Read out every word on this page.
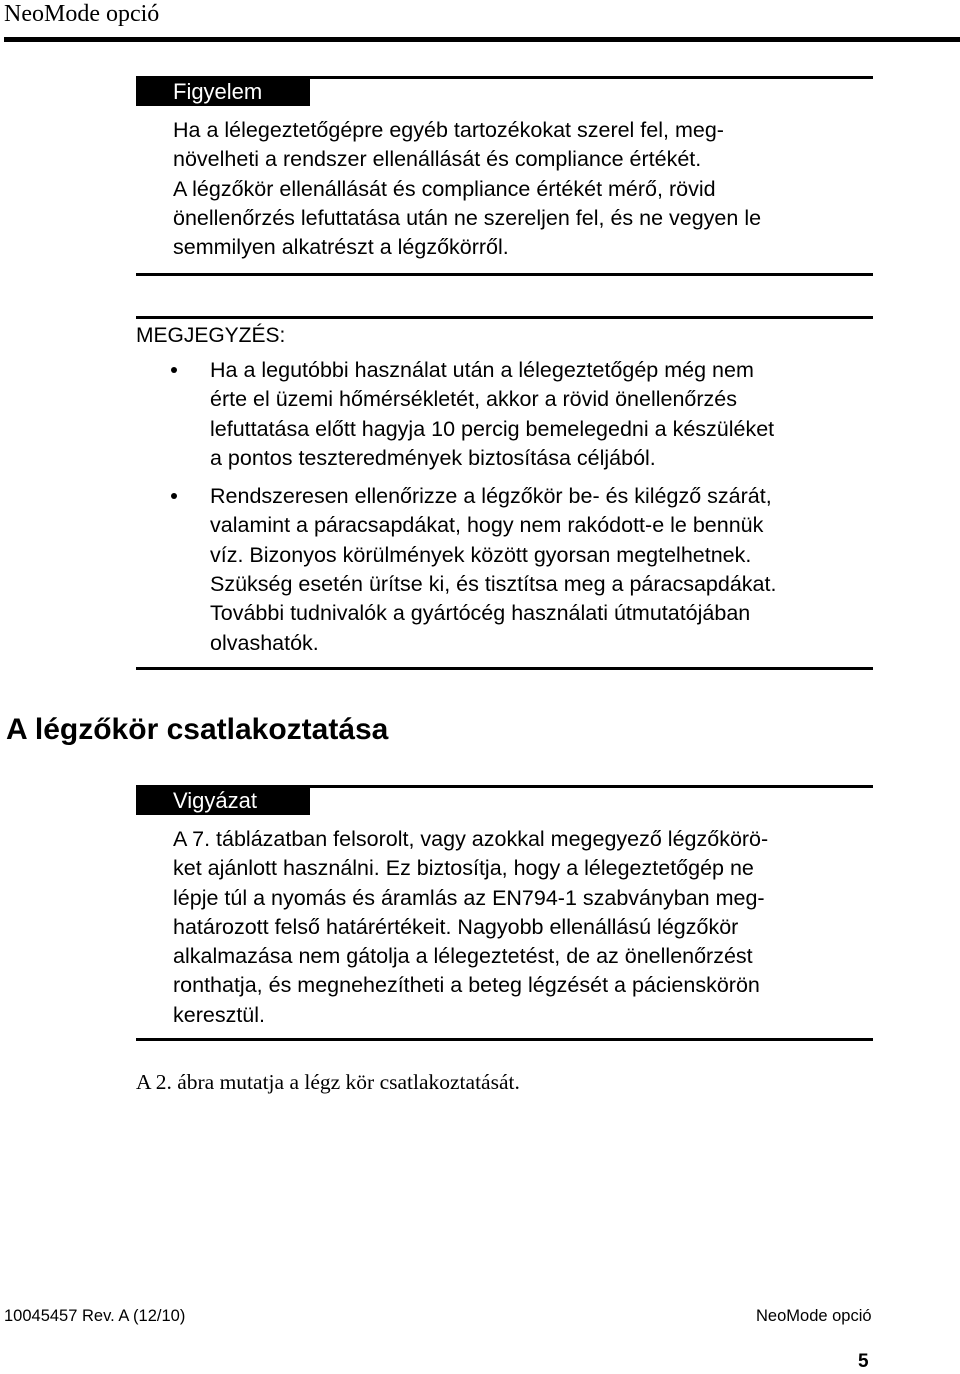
NeoMode opció
Figyelem
Ha a lélegeztetőgépre egyéb tartozékokat szerel fel, meg-
növelheti a rendszer ellenállását és compliance értékét.
A légzőkör ellenállását és compliance értékét mérő, rövid
önellenőrzés lefuttatása után ne szereljen fel, és ne vegyen le
semmilyen alkatrészt a légzőkörről.
MEGJEGYZÉS:
Ha a legutóbbi használat után a lélegeztetőgép még nem
érte el üzemi hőmérsékletét, akkor a rövid önellenőrzés
lefuttatása előtt hagyja 10 percig bemelegedni a készüléket
a pontos teszteredmények biztosítása céljából.
Rendszeresen ellenőrizze a légzőkör be- és kilégző szárát,
valamint a páracsapdákat, hogy nem rakódott-e le bennük
víz. Bizonyos körülmények között gyorsan megtelhetnek.
Szükség esetén ürítse ki, és tisztítsa meg a páracsapdákat.
További tudnivalók a gyártócég használati útmutatójában
olvashatók.
A légzőkör csatlakoztatása
Vigyázat
A 7. táblázatban felsorolt, vagy azokkal megegyező légzőkörö-
ket ajánlott használni. Ez biztosítja, hogy a lélegeztetőgép ne
lépje túl a nyomás és áramlás az EN794-1 szabványban meg-
határozott felső határértékeit. Nagyobb ellenállású légzőkör
alkalmazása nem gátolja a lélegeztetést, de az önellenőrzést
ronthatja, és megnehezítheti a beteg légzését a pácienskörön
keresztül.
A 2. ábra mutatja a légz kör csatlakoztatását.
10045457 Rev. A (12/10)	NeoMode opció
5
